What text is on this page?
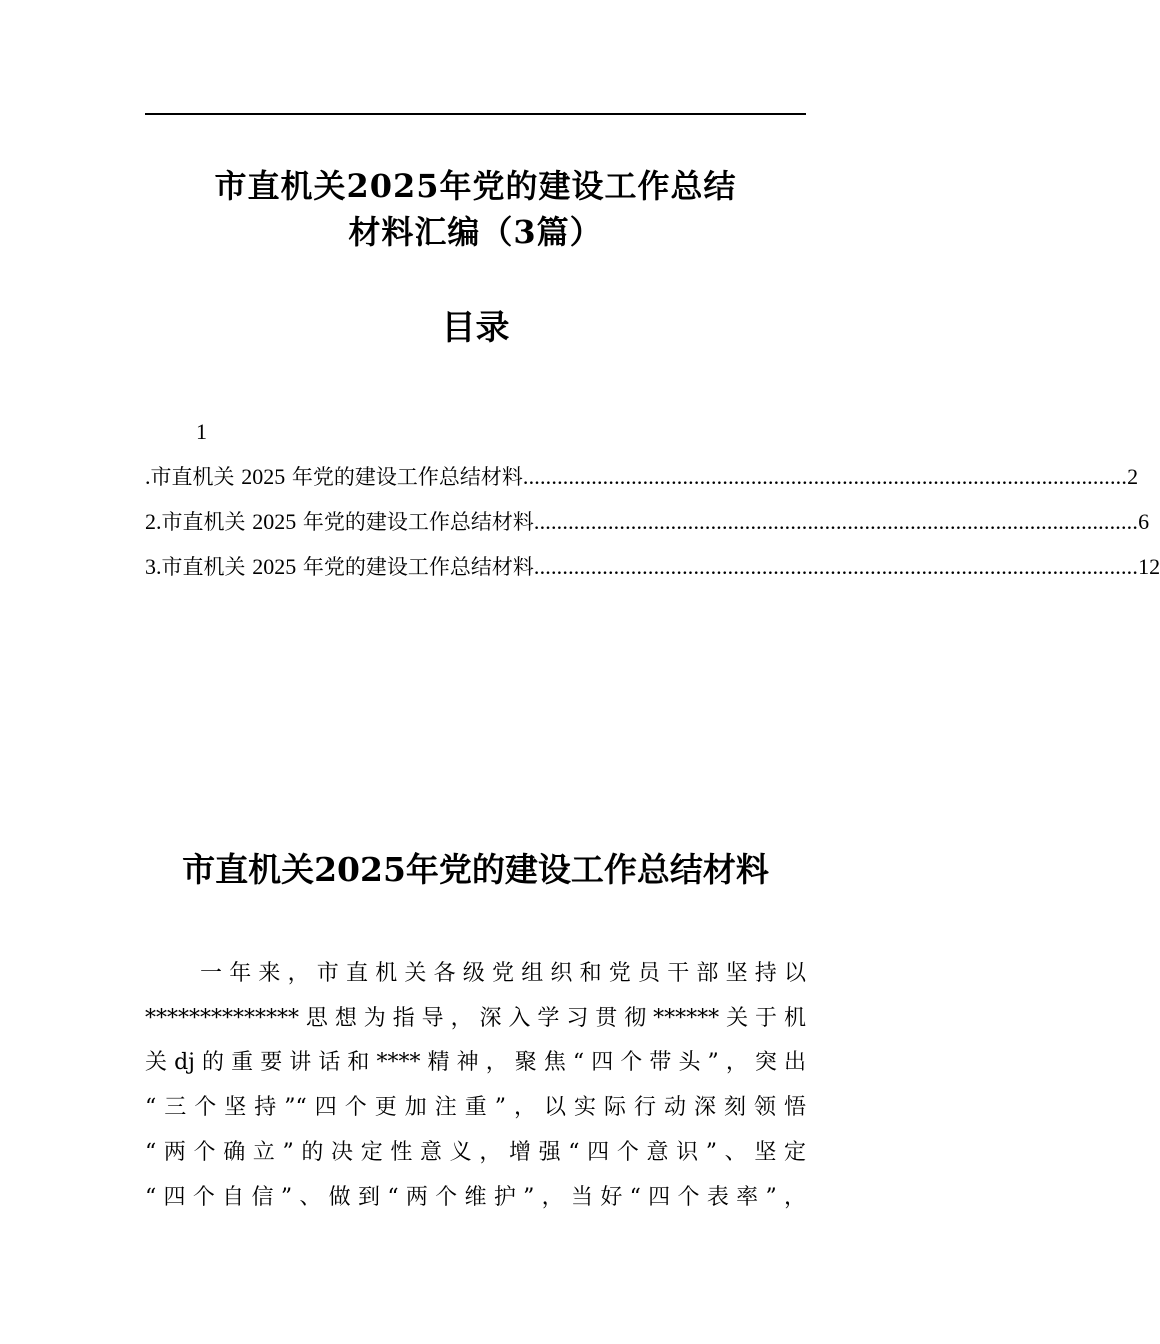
市直机关2025年党的建设工作总结
材料汇编（3篇）
目录
1
.市直机关 2025 年党的建设工作总结材料 .......................................................................................................... 2
2.市直机关 2025 年党的建设工作总结材料 .......................................................................................................... 6
3.市直机关 2025 年党的建设工作总结材料 .......................................................................................................... 12
市直机关2025年党的建设工作总结材料
一年来，市直机关各级党组织和党员干部坚持以
**************思想为指导，深入学习贯彻******关于机
关dj的重要讲话和****精神，聚焦“四个带头”，突出
“三个坚持”“四个更加注重”，以实际行动深刻领悟
“两个确立”的决定性意义，增强“四个意识”、坚定
“四个自信”、做到“两个维护”，当好“四个表率”，
